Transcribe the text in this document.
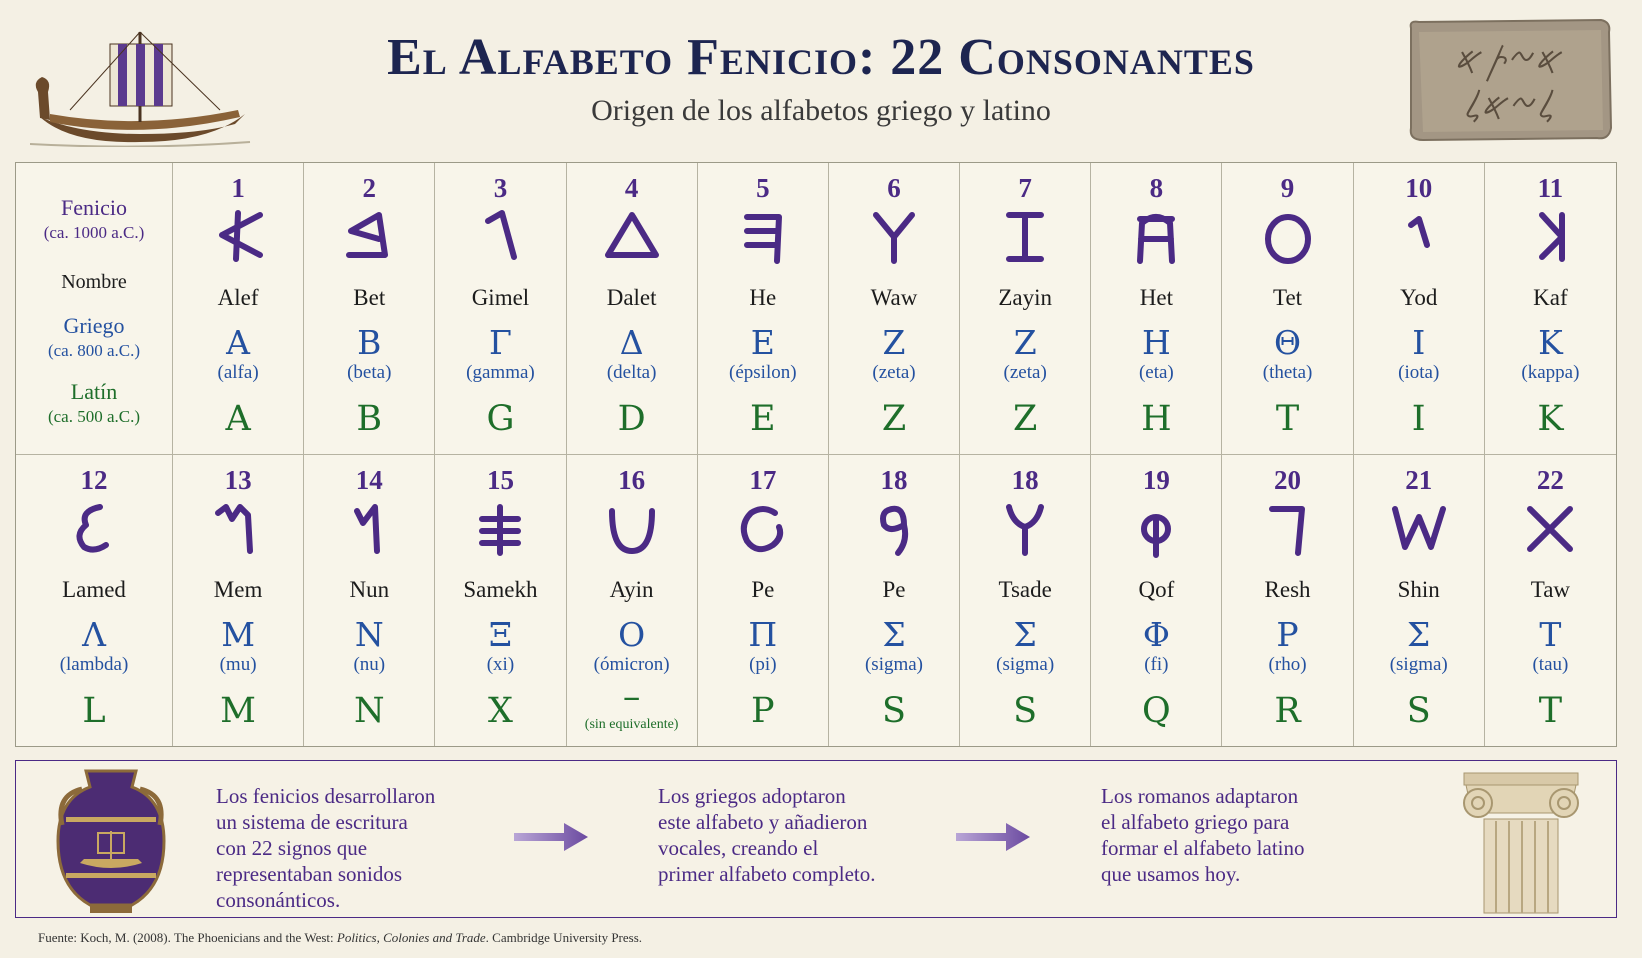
El Alfabeto Fenicio: 22 Consonantes
Origen de los alfabetos griego y latino
𐤀𐤆𐤕𐤀
𐤋𐤆𐤀𐤋
Fenicio
(ca. 1000 a.C.)
Nombre
Griego
(ca. 800 a.C.)
Latín
(ca. 500 a.C.)
1
Alef
Α
(alfa)
A
2
Bet
Β
(beta)
B
3
Gimel
Γ
(gamma)
G
4
Dalet
Δ
(delta)
D
5
He
Ε
(épsilon)
E
6
Waw
Ζ
(zeta)
Z
7
Zayin
Ζ
(zeta)
Z
8
Het
Η
(eta)
H
9
Tet
Θ
(theta)
T
10
Yod
Ι
(iota)
I
11
Kaf
Κ
(kappa)
K
12
Lamed
Λ
(lambda)
L
13
Mem
Μ
(mu)
M
14
Nun
Ν
(nu)
N
15
Samekh
Ξ
(xi)
X
16
Ayin
Ο
(ómicron)
–
(sin equivalente)
17
Pe
Π
(pi)
P
18
Pe
Σ
(sigma)
S
18
Tsade
Σ
(sigma)
S
19
Qof
Φ
(fi)
Q
20
Resh
Ρ
(rho)
R
21
Shin
Σ
(sigma)
S
22
Taw
Τ
(tau)
T
Los fenicios desarrollaron
un sistema de escritura
con 22 signos que
representaban sonidos
consonánticos.
Los griegos adoptaron
este alfabeto y añadieron
vocales, creando el
primer alfabeto completo.
Los romanos adaptaron
el alfabeto griego para
formar el alfabeto latino
que usamos hoy.
Fuente: Koch, M. (2008). The Phoenicians and the West: Politics, Colonies and Trade. Cambridge University Press.
